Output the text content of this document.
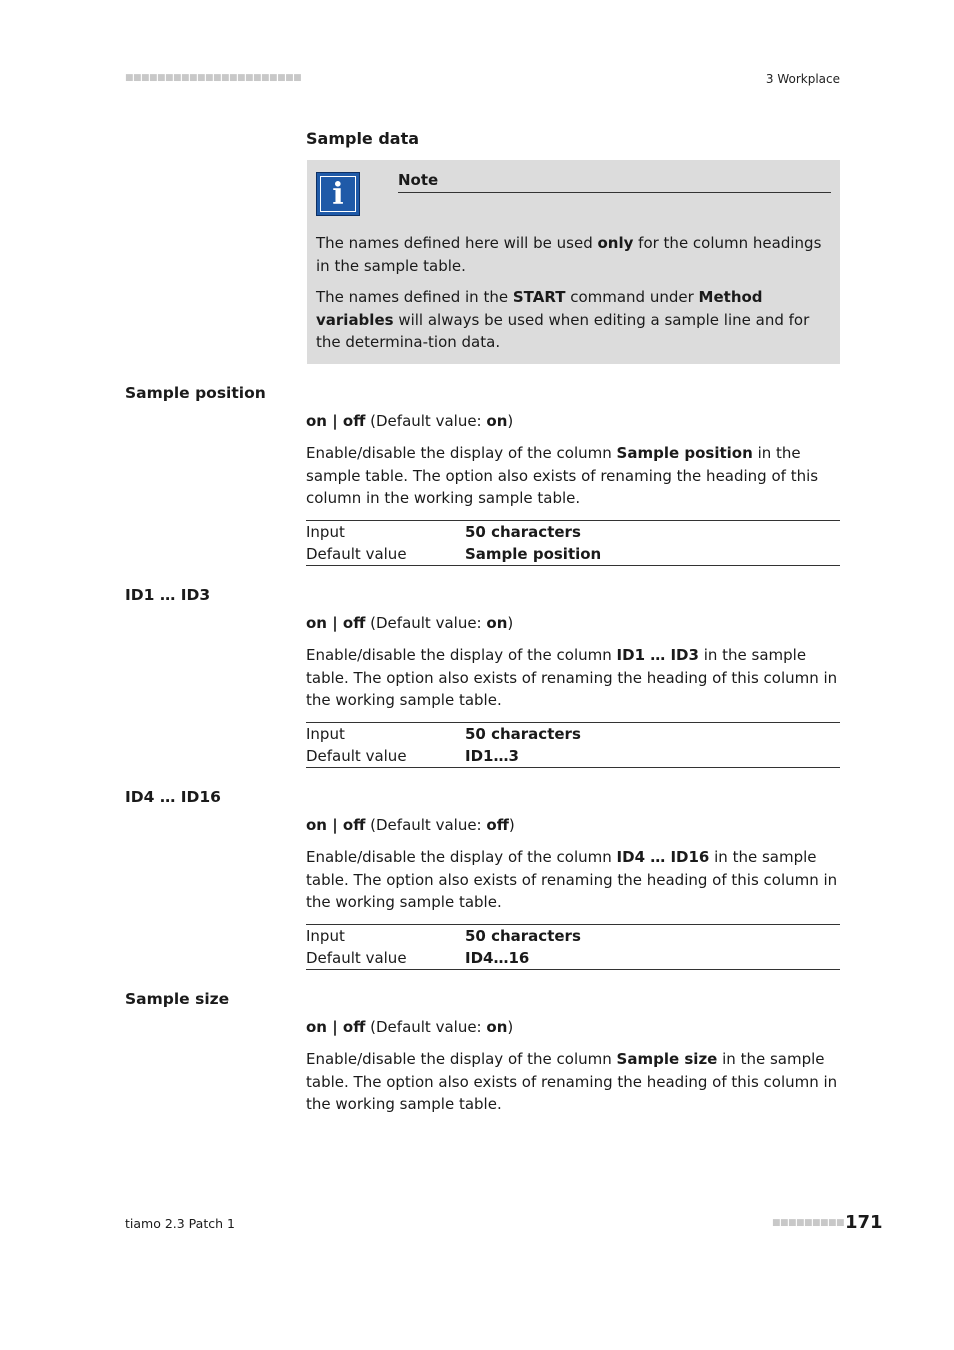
■■■■■■■■■■■■■■■■■■■■■■	3 Workplace
Sample data
i	Note

The names defined here will be used only for the column headings in the sample table.

The names defined in the START command under Method variables will always be used when editing a sample line and for the determina-tion data.

Sample position
on | off (Default value: on)

Enable/disable the display of the column Sample position in the sample table. The option also exists of renaming the heading of this column in the working sample table.

Input	50 characters
Default value	Sample position
ID1 … ID3
on | off (Default value: on)

Enable/disable the display of the column ID1 … ID3 in the sample table. The option also exists of renaming the heading of this column in the working sample table.

Input	50 characters
Default value	ID1…3
ID4 … ID16
on | off (Default value: off)

Enable/disable the display of the column ID4 … ID16 in the sample table. The option also exists of renaming the heading of this column in the working sample table.

Input	50 characters
Default value	ID4…16
Sample size
on | off (Default value: on)

Enable/disable the display of the column Sample size in the sample table. The option also exists of renaming the heading of this column in the working sample table.

tiamo 2.3 Patch 1	■■■■■■■■■ 171
